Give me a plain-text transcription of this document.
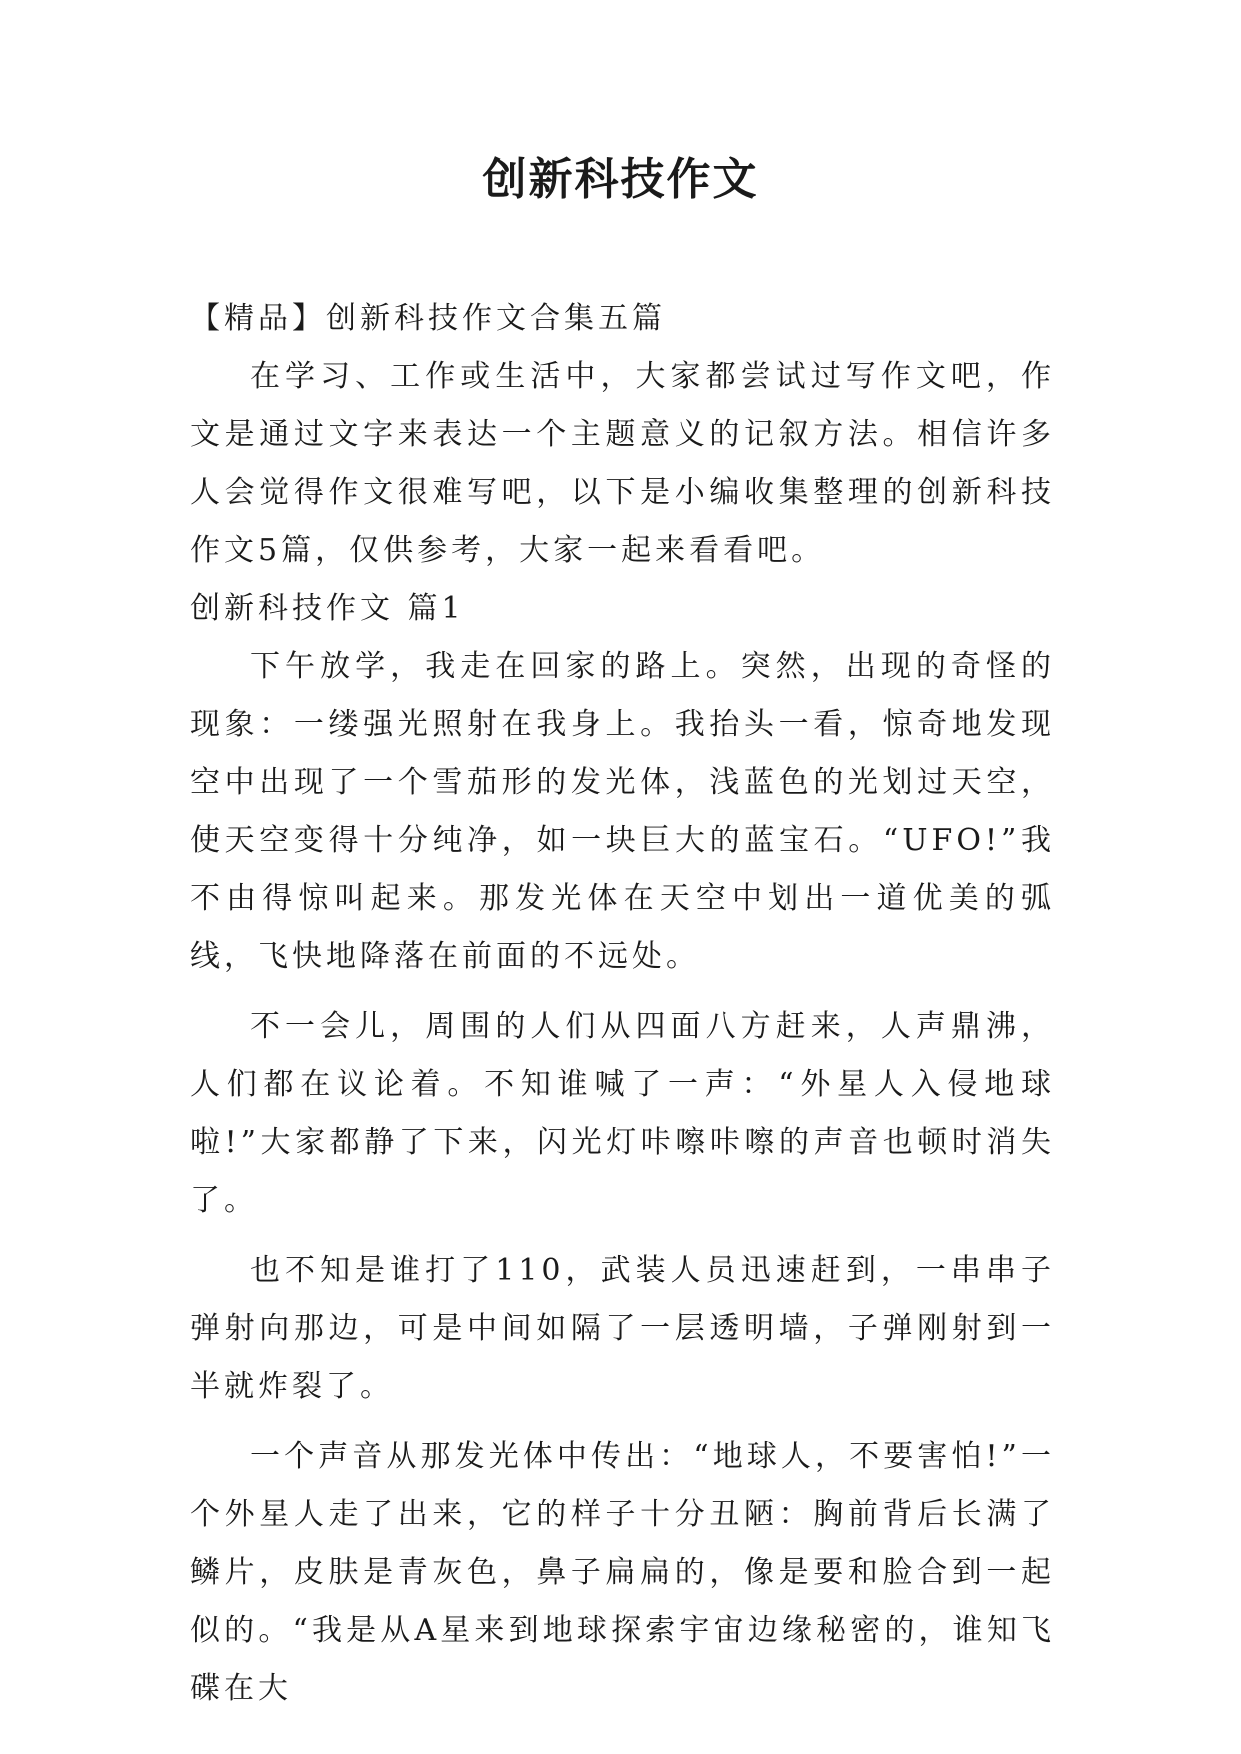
创新科技作文

【精品】创新科技作文合集五篇

在学习、工作或生活中，大家都尝试过写作文吧，作文是通过文字来表达一个主题意义的记叙方法。相信许多人会觉得作文很难写吧，以下是小编收集整理的创新科技作文5篇，仅供参考，大家一起来看看吧。

创新科技作文 篇1

下午放学，我走在回家的路上。突然，出现的奇怪的现象：一缕强光照射在我身上。我抬头一看，惊奇地发现空中出现了一个雪茄形的发光体，浅蓝色的光划过天空，使天空变得十分纯净，如一块巨大的蓝宝石。“UFO!”我不由得惊叫起来。那发光体在天空中划出一道优美的弧线，飞快地降落在前面的不远处。

不一会儿，周围的人们从四面八方赶来，人声鼎沸，人们都在议论着。不知谁喊了一声：“外星人入侵地球啦!”大家都静了下来，闪光灯咔嚓咔嚓的声音也顿时消失了。

也不知是谁打了110，武装人员迅速赶到，一串串子弹射向那边，可是中间如隔了一层透明墙，子弹刚射到一半就炸裂了。

一个声音从那发光体中传出：“地球人，不要害怕!”一个外星人走了出来，它的样子十分丑陋：胸前背后长满了鳞片，皮肤是青灰色，鼻子扁扁的，像是要和脸合到一起似的。“我是从A星来到地球探索宇宙边缘秘密的，谁知飞碟在大
